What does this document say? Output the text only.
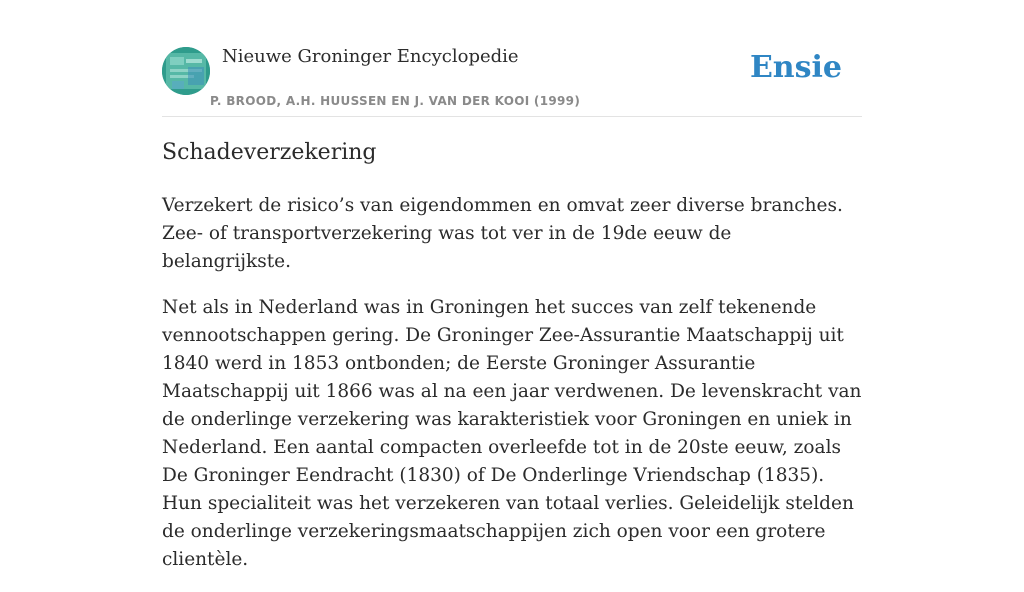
Nieuwe Groninger Encyclopedie
P. BROOD, A.H. HUUSSEN EN J. VAN DER KOOI (1999)
Ensie
Schadeverzekering

Verzekert de risico’s van eigendommen en omvat zeer diverse branches. Zee- of transportverzekering was tot ver in de 19de eeuw de belangrijkste.

Net als in Nederland was in Groningen het succes van zelf tekenende vennootschappen gering. De Groninger Zee-Assurantie Maatschappij uit 1840 werd in 1853 ontbonden; de Eerste Groninger Assurantie Maatschappij uit 1866 was al na een jaar verdwenen. De levenskracht van de onderlinge verzekering was karakteristiek voor Groningen en uniek in Nederland. Een aantal compacten overleefde tot in de 20ste eeuw, zoals De Groninger Eendracht (1830) of De Onderlinge Vriendschap (1835). Hun specialiteit was het verzekeren van totaal verlies. Geleidelijk stelden de onderlinge verzekeringsmaatschappijen zich open voor een grotere clientèle.
